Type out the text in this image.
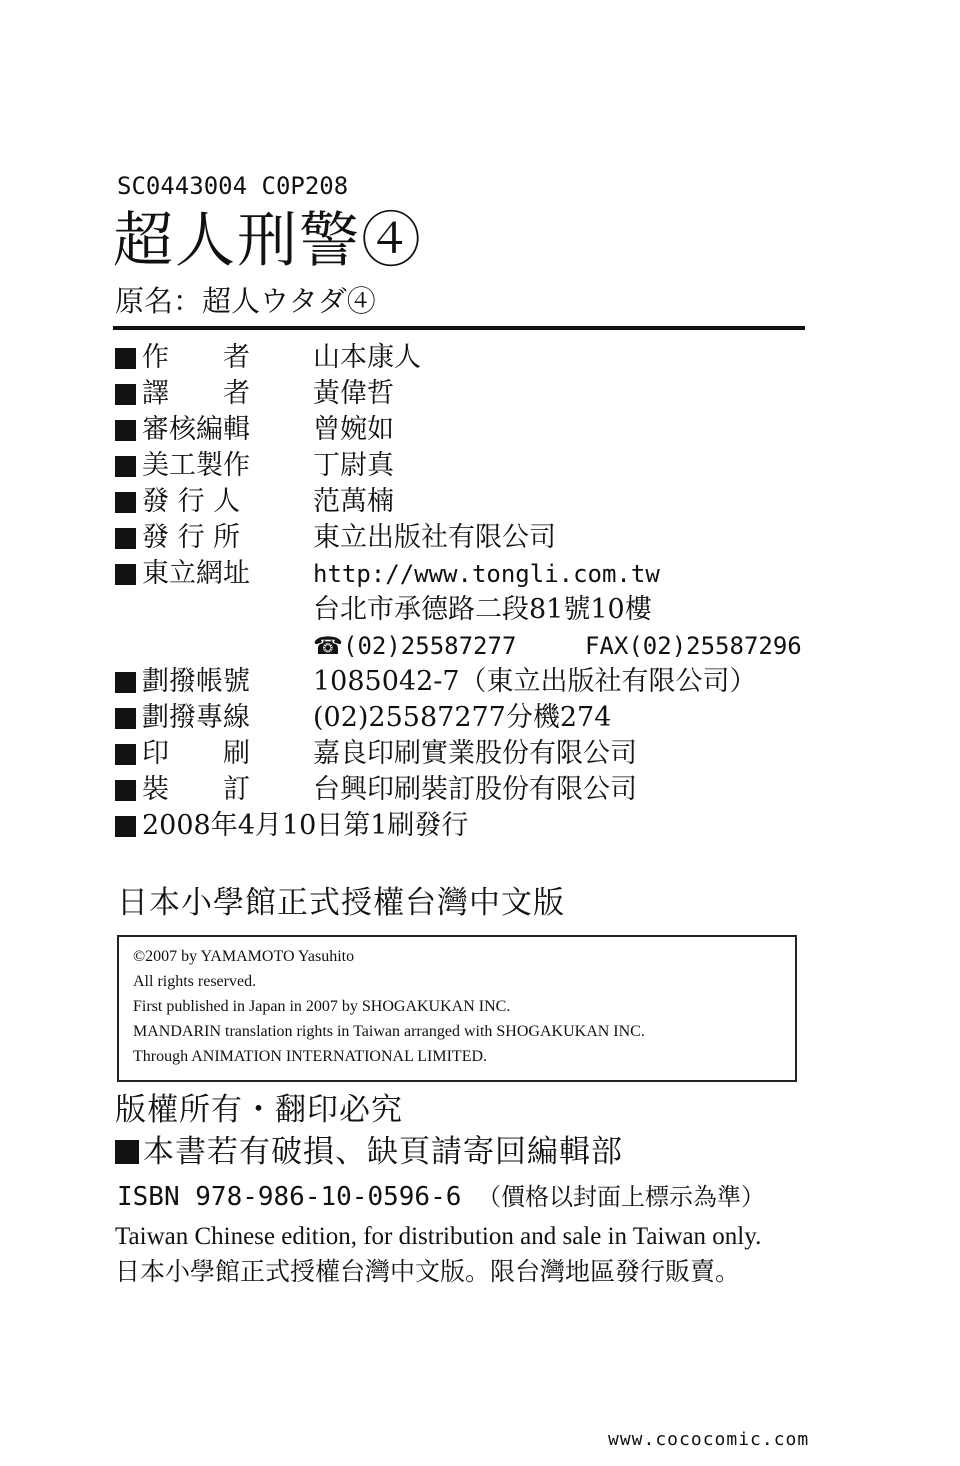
SC0443004 C0P208
超人刑警④
原名：超人ウタダ④
作　　者	山本康人
譯　　者	黃偉哲
審核編輯	曾婉如
美工製作	丁尉真
發 行 人	范萬楠
發 行 所	東立出版社有限公司
東立網址	http://www.tongli.com.tw
台北市承德路二段81號10樓
☎(02)25587277	FAX(02)25587296
劃撥帳號	1085042-7（東立出版社有限公司）
劃撥專線	(02)25587277分機274
印　　刷	嘉良印刷實業股份有限公司
裝　　訂	台興印刷裝訂股份有限公司
2008年4月10日第1刷發行
日本小學館正式授權台灣中文版
©2007 by YAMAMOTO Yasuhito
All rights reserved.
First published in Japan in 2007 by SHOGAKUKAN INC.
MANDARIN translation rights in Taiwan arranged with SHOGAKUKAN INC.
Through ANIMATION INTERNATIONAL LIMITED.
版權所有・翻印必究
本書若有破損、缺頁請寄回編輯部
ISBN 978-986-10-0596-6 （價格以封面上標示為準）
Taiwan Chinese edition, for distribution and sale in Taiwan only.
日本小學館正式授權台灣中文版。限台灣地區發行販賣。
www.cococomic.com
